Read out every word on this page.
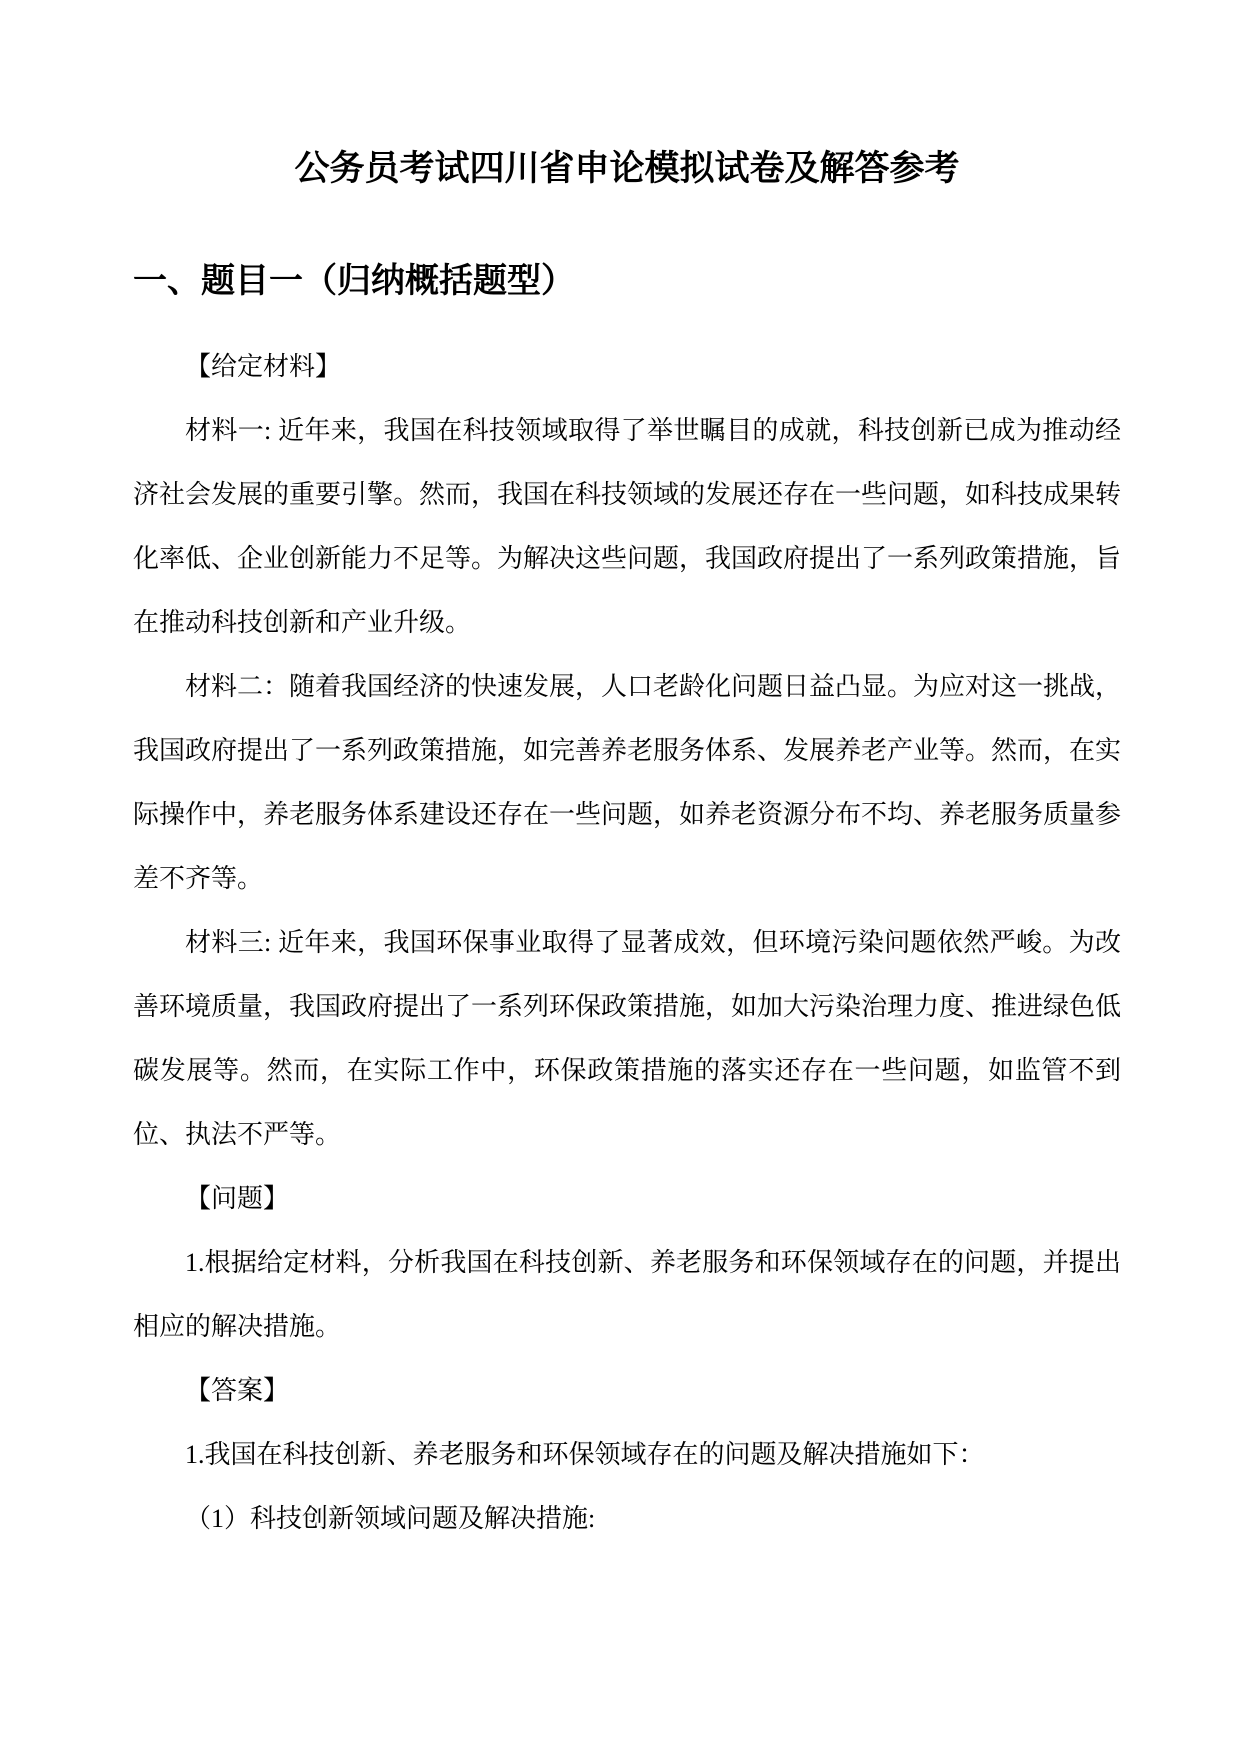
公务员考试四川省申论模拟试卷及解答参考
一、题目一（归纳概括题型）

【给定材料】

材料一: 近年来，我国在科技领域取得了举世瞩目的成就，科技创新已成为推动经济社会发展的重要引擎。然而，我国在科技领域的发展还存在一些问题，如科技成果转化率低、企业创新能力不足等。为解决这些问题，我国政府提出了一系列政策措施，旨在推动科技创新和产业升级。

材料二：随着我国经济的快速发展，人口老龄化问题日益凸显。为应对这一挑战，我国政府提出了一系列政策措施，如完善养老服务体系、发展养老产业等。然而，在实际操作中，养老服务体系建设还存在一些问题，如养老资源分布不均、养老服务质量参差不齐等。

材料三: 近年来，我国环保事业取得了显著成效，但环境污染问题依然严峻。为改善环境质量，我国政府提出了一系列环保政策措施，如加大污染治理力度、推进绿色低碳发展等。然而，在实际工作中，环保政策措施的落实还存在一些问题，如监管不到位、执法不严等。

【问题】

1.根据给定材料，分析我国在科技创新、养老服务和环保领域存在的问题，并提出相应的解决措施。

【答案】

1.我国在科技创新、养老服务和环保领域存在的问题及解决措施如下：

（1）科技创新领域问题及解决措施:
